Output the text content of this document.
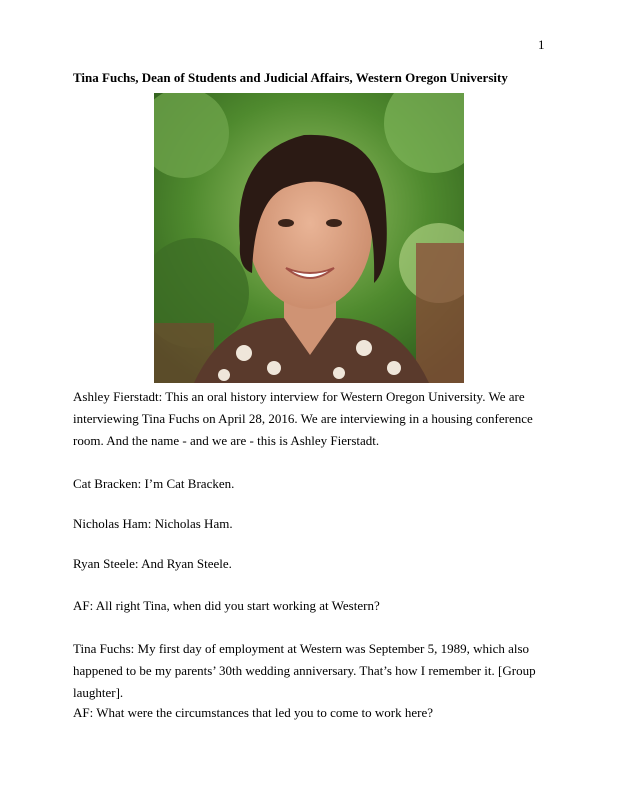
1
Tina Fuchs, Dean of Students and Judicial Affairs, Western Oregon University

Ashley Fierstadt: This an oral history interview for Western Oregon University. We are interviewing Tina Fuchs on April 28, 2016. We are interviewing in a housing conference room. And the name - and we are - this is Ashley Fierstadt.

Cat Bracken: I’m Cat Bracken.

Nicholas Ham: Nicholas Ham.

Ryan Steele: And Ryan Steele.

AF: All right Tina, when did you start working at Western?

Tina Fuchs: My first day of employment at Western was September 5, 1989, which also happened to be my parents’ 30th wedding anniversary. That’s how I remember it. [Group laughter].

AF: What were the circumstances that led you to come to work here?
